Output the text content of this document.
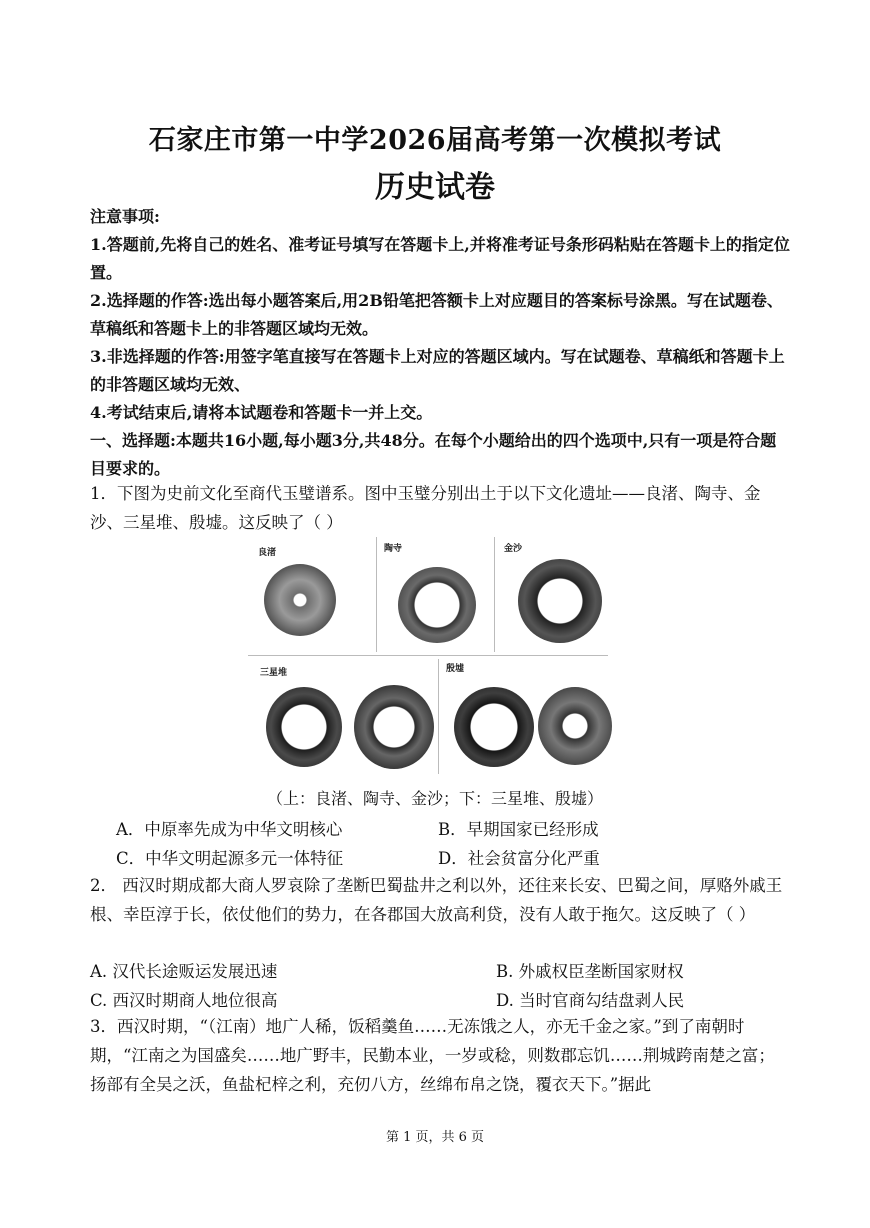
石家庄市第一中学2026届高考第一次模拟考试
历史试卷

注意事项:

1.答题前,先将自己的姓名、准考证号填写在答题卡上,并将准考证号条形码粘贴在答题卡上的指定位置。

2.选择题的作答:选出每小题答案后,用2B铅笔把答额卡上对应题目的答案标号涂黑。写在试题卷、草稿纸和答题卡上的非答题区域均无效。

3.非选择题的作答:用签字笔直接写在答题卡上对应的答题区域内。写在试题卷、草稿纸和答题卡上的非答题区域均无效、

4.考试结束后,请将本试题卷和答题卡一并上交。

一、选择题:本题共16小题,每小题3分,共48分。在每个小题给出的四个选项中,只有一项是符合题目要求的。

1．下图为史前文化至商代玉璧谱系。图中玉璧分别出土于以下文化遗址——良渚、陶寺、金沙、三星堆、殷墟。这反映了（ ）

良渚	陶寺	金沙
三星堆	殷墟
（上：良渚、陶寺、金沙；下：三星堆、殷墟）
A．中原率先成为中华文明核心	B．早期国家已经形成
C．中华文明起源多元一体特征	D．社会贫富分化严重

2． 西汉时期成都大商人罗哀除了垄断巴蜀盐井之利以外，还往来长安、巴蜀之间，厚赂外戚王根、幸臣淳于长，依仗他们的势力，在各郡国大放高利贷，没有人敢于拖欠。这反映了（ ）

A. 汉代长途贩运发展迅速	B. 外戚权臣垄断国家财权
C. 西汉时期商人地位很高	D. 当时官商勾结盘剥人民

3．西汉时期，“（江南）地广人稀，饭稻羹鱼……无冻饿之人，亦无千金之家。”到了南朝时期，“江南之为国盛矣……地广野丰，民勤本业，一岁或稔，则数郡忘饥……荆城跨南楚之富；扬部有全吴之沃，鱼盐杞梓之利，充仞八方，丝绵布帛之饶，覆衣天下。”据此

第 1 页，共 6 页
